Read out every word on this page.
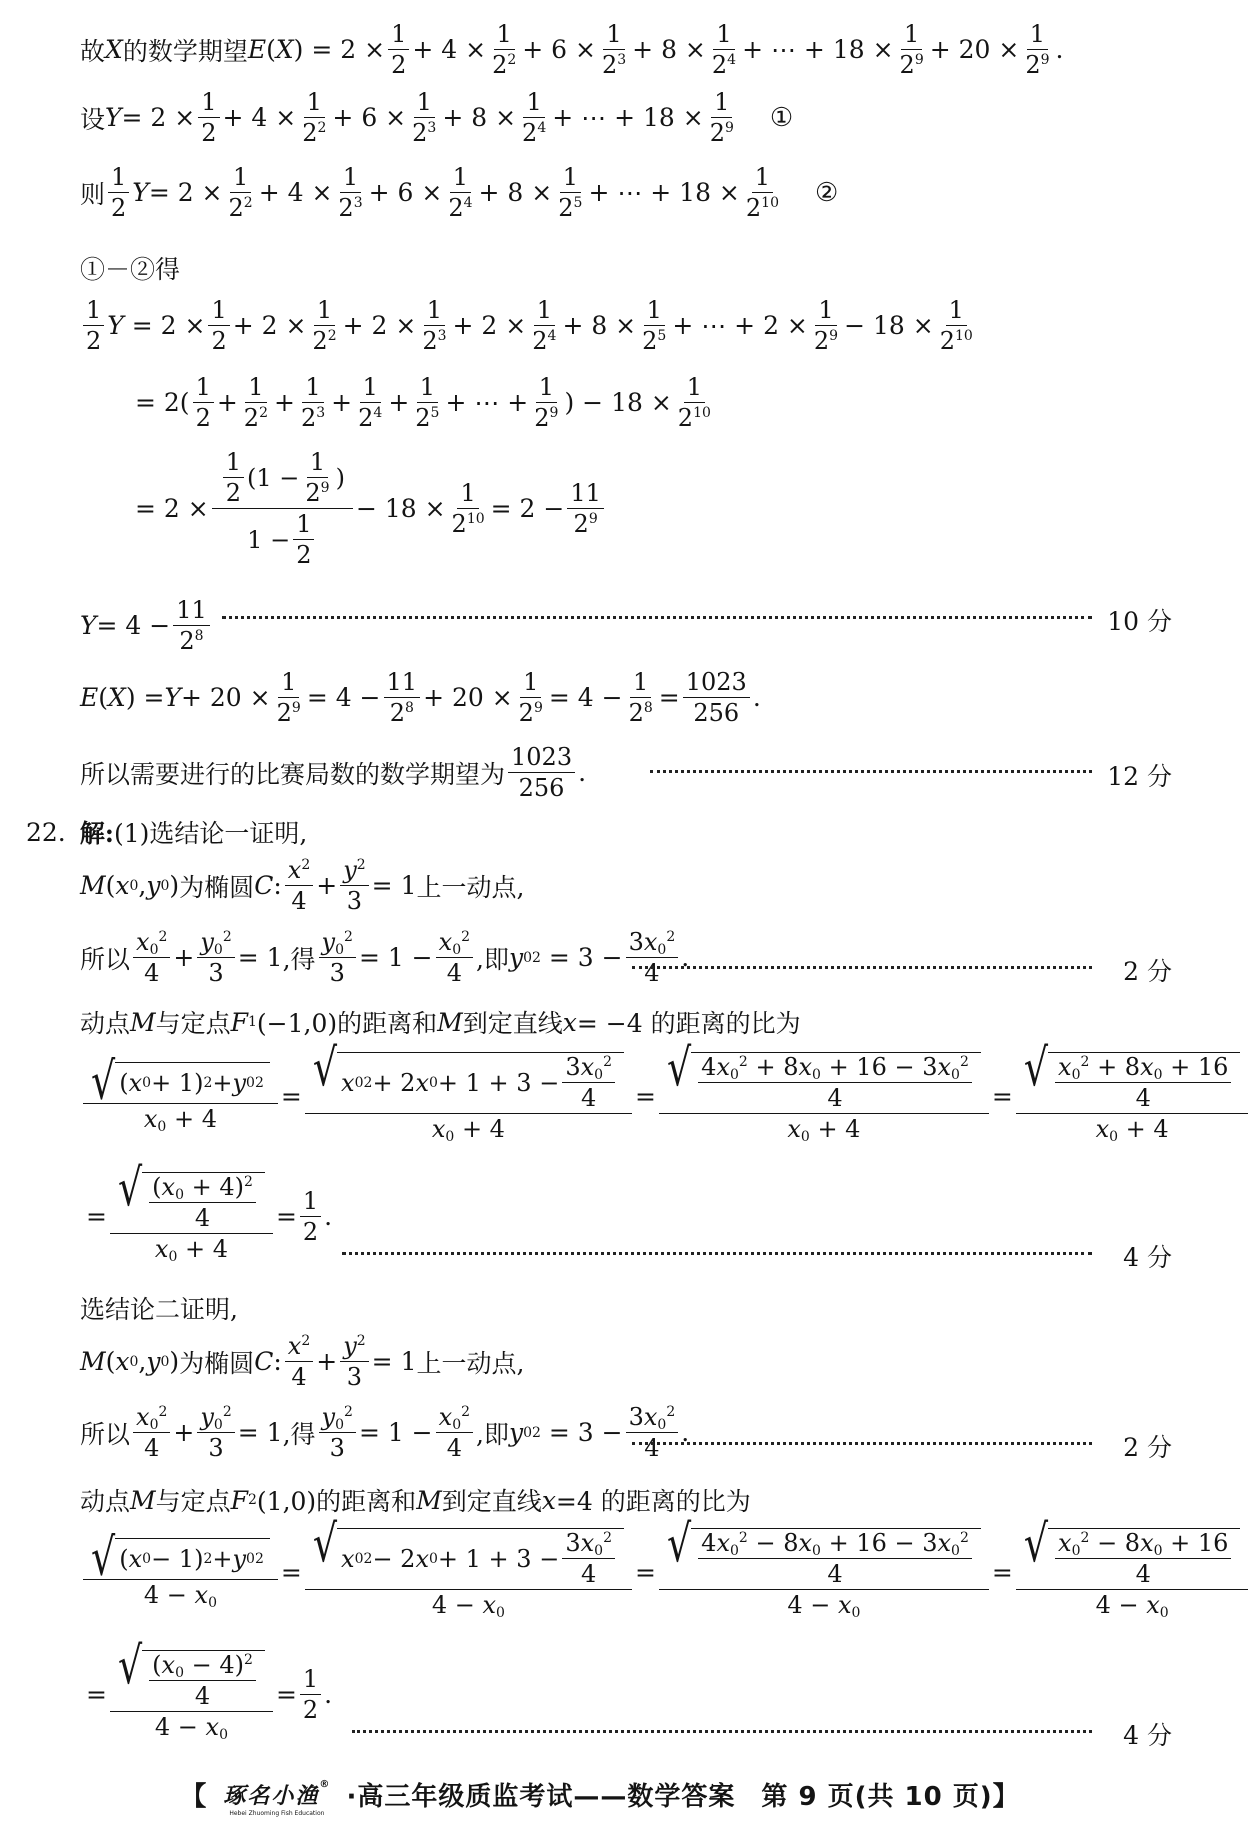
故 X 的数学期望 E ( X ) = $2 \times \frac{1}{2} + 4 \times \frac{1}{2^2} + 6 \times \frac{1}{2^3} + 8 \times \frac{1}{2^4}$ + ⋯ + $18 \times \frac{1}{2^9} + 20 \times \frac{1}{2^9}$ .
设 $Y = 2 \times \frac{1}{2} + 4 \times \frac{1}{2^2} + 6 \times \frac{1}{2^3} + 8 \times \frac{1}{2^4}$ + ⋯ + $18 \times \frac{1}{2^9}$ ①
则 $\frac{1}{2}$ $Y = 2 \times \frac{1}{2^2} + 4 \times \frac{1}{2^3} + 6 \times \frac{1}{2^4} + 8 \times \frac{1}{2^5}$ + ⋯ + $18 \times \frac{1}{2^{10}}$ ②
①－②得
$\frac{1}{2}$ $Y = 2 \times \frac{1}{2} + 2 \times \frac{1}{2^2} + 2 \times \frac{1}{2^3} + 2 \times \frac{1}{2^4} + 8 \times \frac{1}{2^5}$ + ⋯ + $2 \times \frac{1}{2^9} - 18 \times \frac{1}{2^{10}}$
= $2( \frac{1}{2} + \frac{1}{2^2} + \frac{1}{2^3} + \frac{1}{2^4} + \frac{1}{2^5}$ + ⋯ + $\frac{1}{2^9}$ ) − $18 \times \frac{1}{2^{10}}$
= $2 \times \frac{\frac{1}{2} (1 - \frac{1}{2^9} )}{1 - \frac{1}{2}} - 18 \times \frac{1}{2^{10}} = 2 - \frac{11}{2^9}$
$Y = 4 - \frac{11}{2^8}$	10 分
E ( X ) = $Y + 20 \times \frac{1}{2^9} = 4 - \frac{11}{2^8} + 20 \times \frac{1}{2^9} = 4 - \frac{1}{2^8} = \frac{1023}{256}$ .
所以需要进行的比赛局数的数学期望为 $\frac{1023}{256}$ .	12 分
22. 解: (1)选结论一证明,
M ( x 0 , y 0 ) 为椭圆 C : $\frac{x^2}{4} + \frac{y^2}{3} = 1$ 上一动点,
所以 $\frac{x_0^2}{4} + \frac{y_0^2}{3} = 1$ ,得 $\frac{y_0^2}{3} = 1 - \frac{x_0^2}{4}$ ,即 y 0 $2 = 3 - \frac{3x_0^2}{4}$ .	2 分
动点 M 与定点 F 1 (−1,0)的距离和 M 到定直线 x = −4 的距离的比为
$\frac{√ ( x 0 + 1) 2 + y 0 2}{x_0 + 4} = \frac{√ x 0 2 + 2 x 0 + 1 + 3 - \frac{3x_0^2}{4}}{x_0 + 4} = \frac{√ \frac{4x_0^2 + 8x_0 + 16 - 3x_0^2}{4}}{x_0 + 4} = \frac{√ \frac{x_0^2 + 8x_0 + 16}{4}}{x_0 + 4}$
= $\frac{√ \frac{(x_0 + 4)^2}{4}}{x_0 + 4} = \frac{1}{2}$ .
4 分
选结论二证明,
M ( x 0 , y 0 ) 为椭圆 C : $\frac{x^2}{4} + \frac{y^2}{3} = 1$ 上一动点,
所以 $\frac{x_0^2}{4} + \frac{y_0^2}{3} = 1$ ,得 $\frac{y_0^2}{3} = 1 - \frac{x_0^2}{4}$ ,即 y 0 $2 = 3 - \frac{3x_0^2}{4}$ .
2 分
动点 M 与定点 F 2 (1,0)的距离和 M 到定直线 x =4 的距离的比为
$\frac{√ ( x 0 - 1) 2 + y 0 2}{4 - x_0} = \frac{√ x 0 2 - 2 x 0 + 1 + 3 - \frac{3x_0^2}{4}}{4 - x_0} = \frac{√ \frac{4x_0^2 - 8x_0 + 16 - 3x_0^2}{4}}{4 - x_0} = \frac{√ \frac{x_0^2 - 8x_0 + 16}{4}}{4 - x_0}$
= $\frac{√ \frac{(x_0 - 4)^2}{4}}{4 - x_0} = \frac{1}{2}$ .
4 分
【 琢名小渔 ®
Hebei Zhuoming Fish Education
·高三年级质监考试——数学答案 第 9 页(共 10 页)】
